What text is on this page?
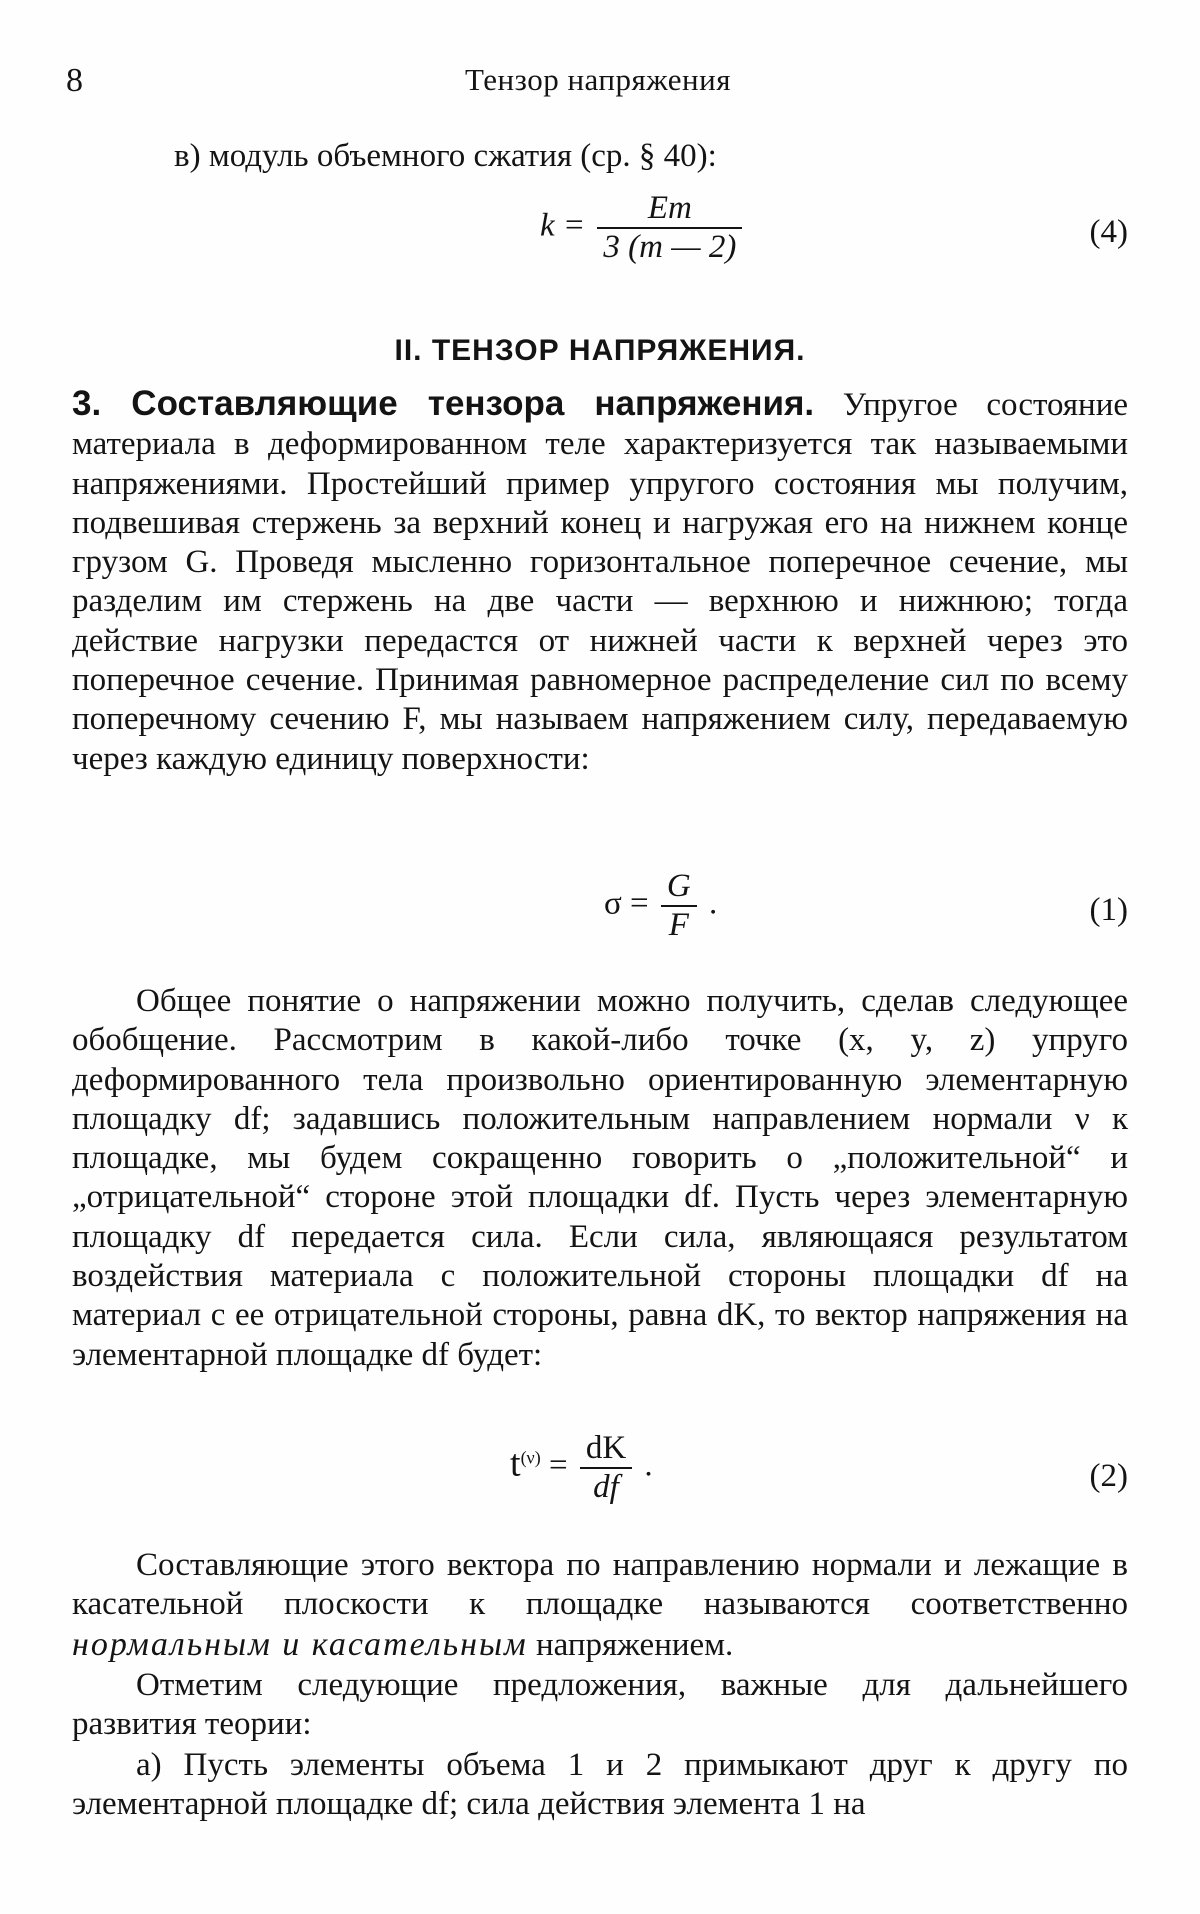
8	Тензор напряжения
в) модуль объемного сжатия (ср. § 40):
$k = \frac{Em}{3 (m — 2)}$	(4)
II. ТЕНЗОР НАПРЯЖЕНИЯ.

3. Составляющие тензора напряжения. Упругое состояние материала в деформированном теле характеризуется так называемыми напряжениями. Простейший пример упругого состояния мы получим, подвешивая стержень за верхний конец и нагружая его на нижнем конце грузом G. Проведя мысленно горизонтальное поперечное сечение, мы разделим им стержень на две части — верхнюю и нижнюю; тогда действие нагрузки передастся от нижней части к верхней через это поперечное сечение. Принимая равномерное распределение сил по всему поперечному сечению F, мы называем напряжением силу, передаваемую через каждую единицу поверхности:

$\sigma = \frac{G}{F}$ .	(1)

Общее понятие о напряжении можно получить, сделав следующее обобщение. Рассмотрим в какой-либо точке (x, y, z) упруго деформированного тела произвольно ориентированную элементарную площадку df; задавшись положительным направлением нормали ν к площадке, мы будем сокращенно говорить о „положительной“ и „отрицательной“ стороне этой площадки df. Пусть через элементарную площадку df передается сила. Если сила, являющаяся результатом воздействия материала с положительной стороны площадки df на материал с ее отрицательной стороны, равна dK, то вектор напряжения на элементарной площадке df будет:

$t^{(\nu)} = \frac{dK}{df}$ .	(2)

Составляющие этого вектора по направлению нормали и лежащие в касательной плоскости к площадке называются соответственно нормальным и касательным напряжением.

Отметим следующие предложения, важные для дальнейшего развития теории:

а) Пусть элементы объема 1 и 2 примыкают друг к другу по элементарной площадке df; сила действия элемента 1 на
